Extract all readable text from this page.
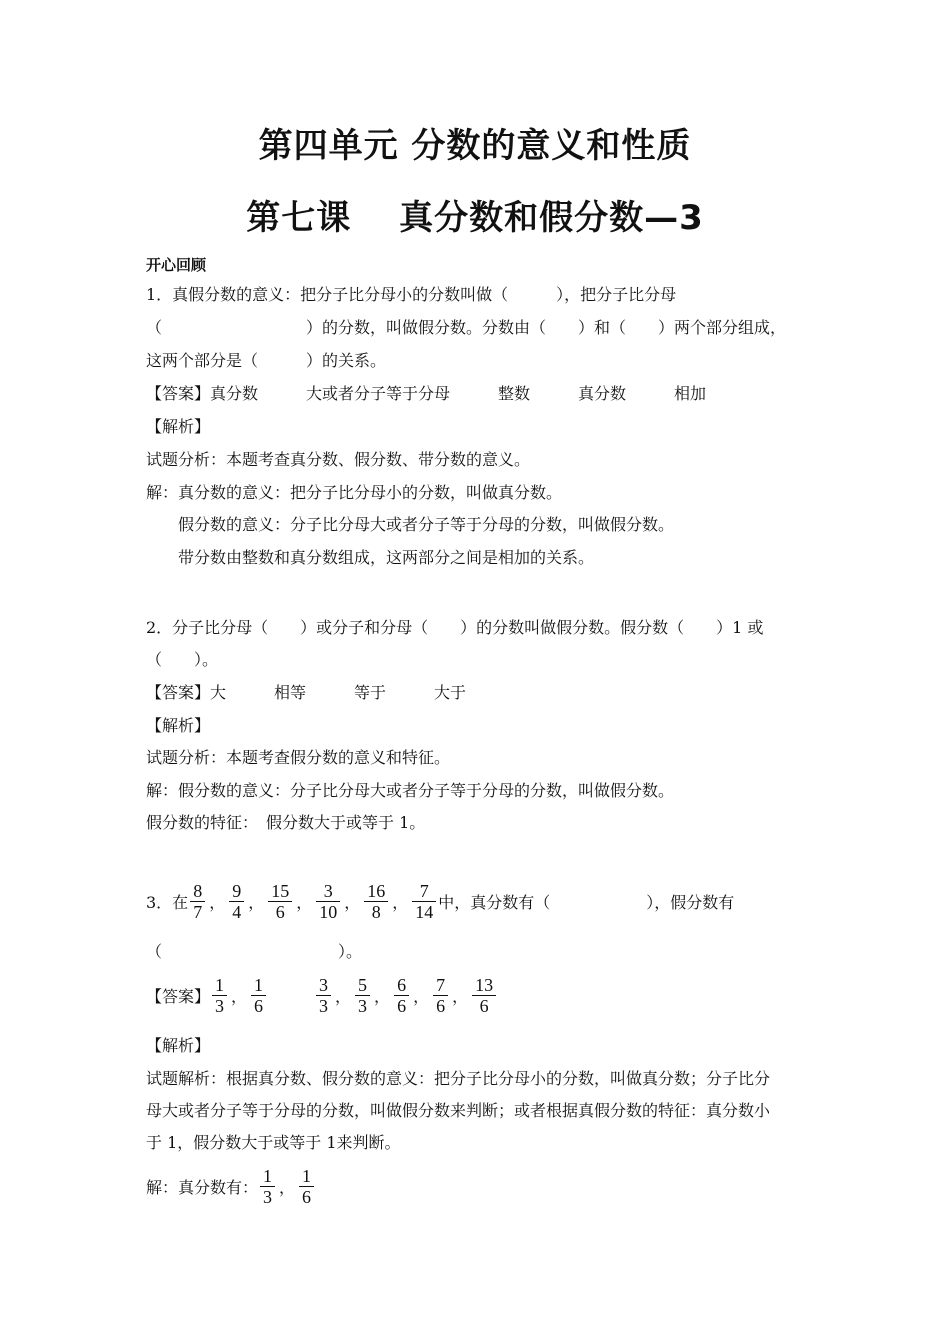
第四单元 分数的意义和性质
第七课　 真分数和假分数—3
开心回顾
1．真假分数的意义：把分子比分母小的分数叫做（　　　），把分子比分母
（　　　　　　　　　）的分数，叫做假分数。分数由（　　）和（　　）两个部分组成，
这两个部分是（　　　）的关系。
【答案】真分数　　　大或者分子等于分母　　　整数　　　真分数　　　相加
【解析】
试题分析：本题考查真分数、假分数、带分数的意义。
解：真分数的意义：把分子比分母小的分数，叫做真分数。
假分数的意义：分子比分母大或者分子等于分母的分数，叫做假分数。
带分数由整数和真分数组成，这两部分之间是相加的关系。
2．分子比分母（　　）或分子和分母（　　）的分数叫做假分数。假分数（　　）1 或
（　　）。
【答案】大　　　相等　　　等于　　　大于
【解析】
试题分析：本题考查假分数的意义和特征。
解：假分数的意义：分子比分母大或者分子等于分母的分数，叫做假分数。
假分数的特征：　假分数大于或等于 1。
3．在 $\frac{8}{7}$ ， $\frac{9}{4}$ ， $\frac{15}{6}$ ， $\frac{3}{10}$ ， $\frac{16}{8}$ ， $\frac{7}{14}$ 中，真分数有（　　　　　　），假分数有
（　　　　　　　　　　　）。
【答案】 $\frac{1}{3}$ ， $\frac{1}{6}$	$\frac{3}{3}$ ， $\frac{5}{3}$ ， $\frac{6}{6}$ ， $\frac{7}{6}$ ， $\frac{13}{6}$
【解析】
试题解析：根据真分数、假分数的意义：把分子比分母小的分数，叫做真分数；分子比分
母大或者分子等于分母的分数，叫做假分数来判断；或者根据真假分数的特征：真分数小
于 1，假分数大于或等于 1来判断。
解：真分数有： $\frac{1}{3}$ ， $\frac{1}{6}$
